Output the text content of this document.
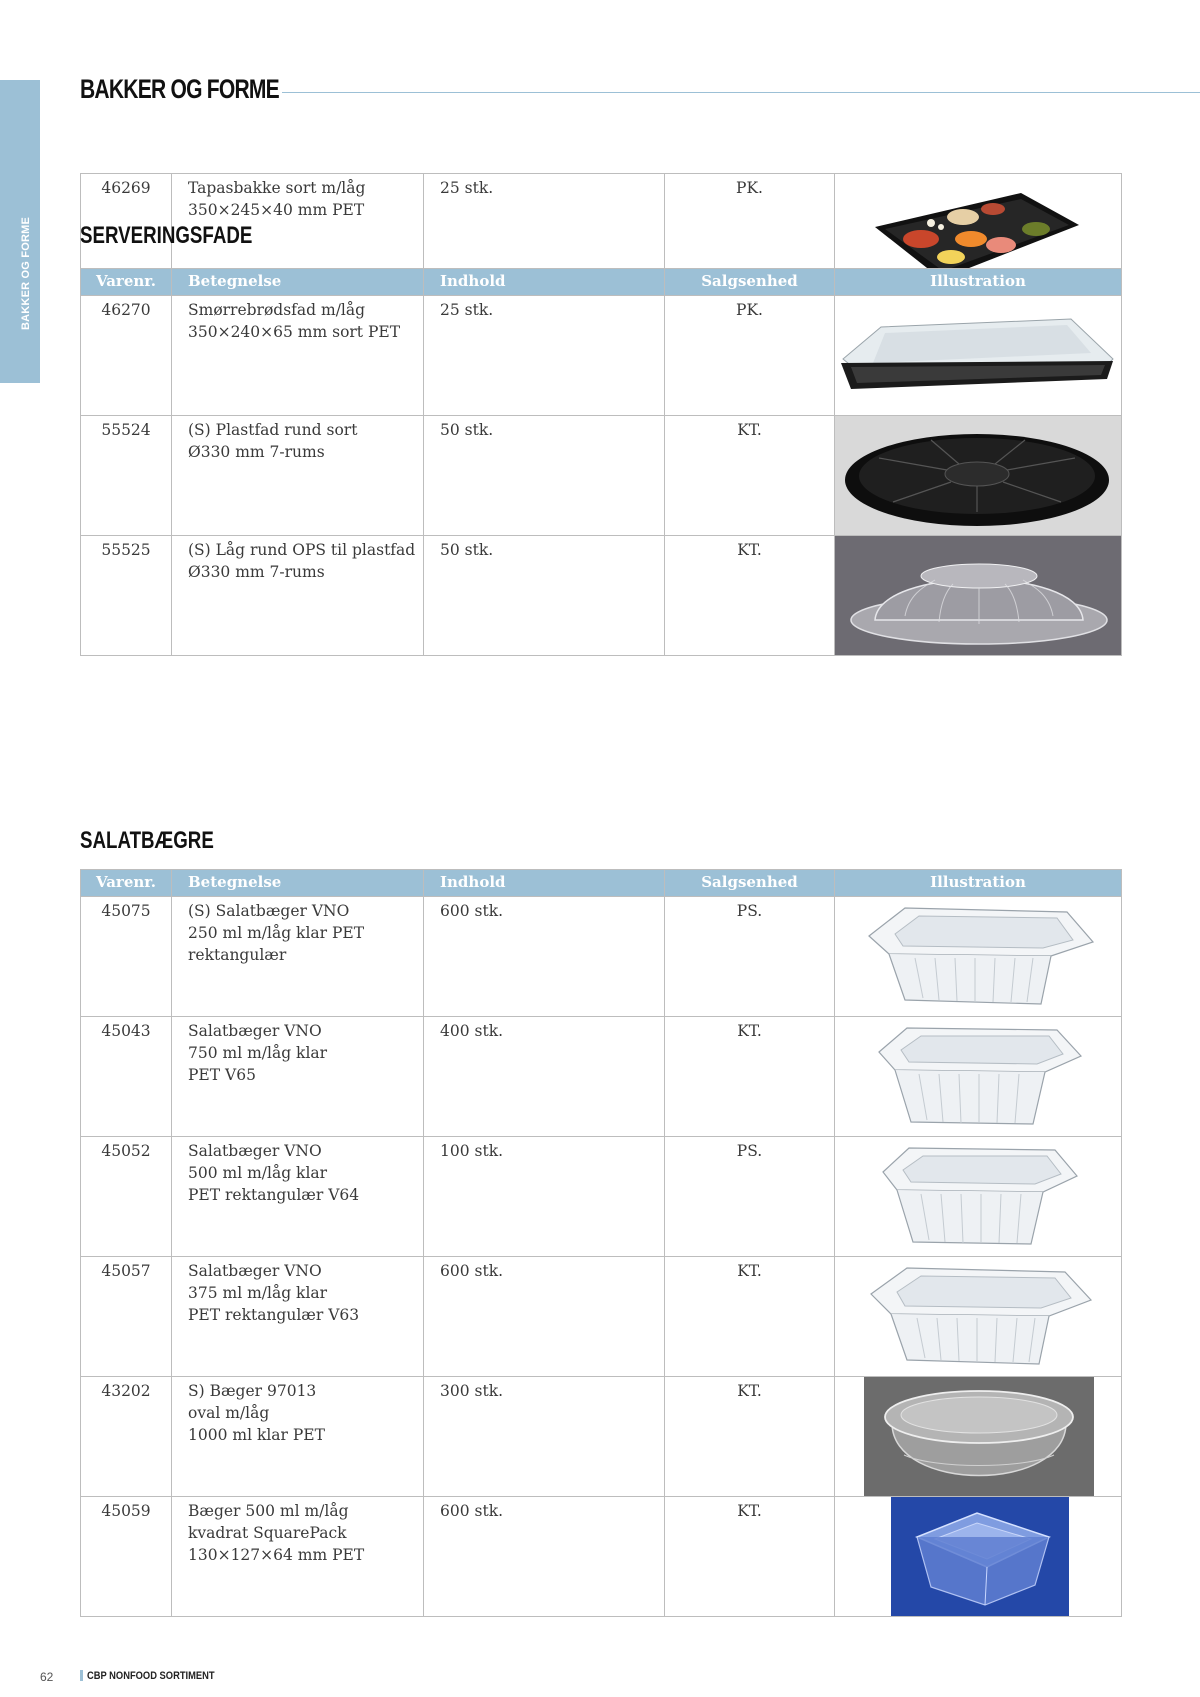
BAKKER OG FORME
BAKKER OG FORME
46269	Tapasbakke sort m/låg
350×245×40 mm PET
	25 stk.	PK.	
SERVERINGSFADE
Varenr.	Betegnelse	Indhold	Salgsenhed	Illustration
46270	Smørrebrødsfad m/låg
350×240×65 mm sort PET	25 stk.	PK.	

55524	(S) Plastfad rund sort
Ø330 mm 7-rums	50 stk.	KT.	

55525	(S) Låg rund OPS til plastfad
Ø330 mm 7-rums	50 stk.	KT.	
SALATBÆGRE
Varenr.	Betegnelse	Indhold	Salgsenhed	Illustration
45075	(S) Salatbæger VNO
250 ml m/låg klar PET
rektangulær	600 stk.	PS.	

45043	Salatbæger VNO
750 ml m/låg klar
PET V65	400 stk.	KT.	

45052	Salatbæger VNO
500 ml m/låg klar
PET rektangulær V64	100 stk.	PS.	

45057	Salatbæger VNO
375 ml m/låg klar
PET rektangulær V63	600 stk.	KT.	

43202	S) Bæger 97013
oval m/låg
1000 ml klar PET	300 stk.	KT.	

45059	Bæger 500 ml m/låg
kvadrat SquarePack
130×127×64 mm PET	600 stk.	KT.	
62	CBP NONFOOD SORTIMENT
